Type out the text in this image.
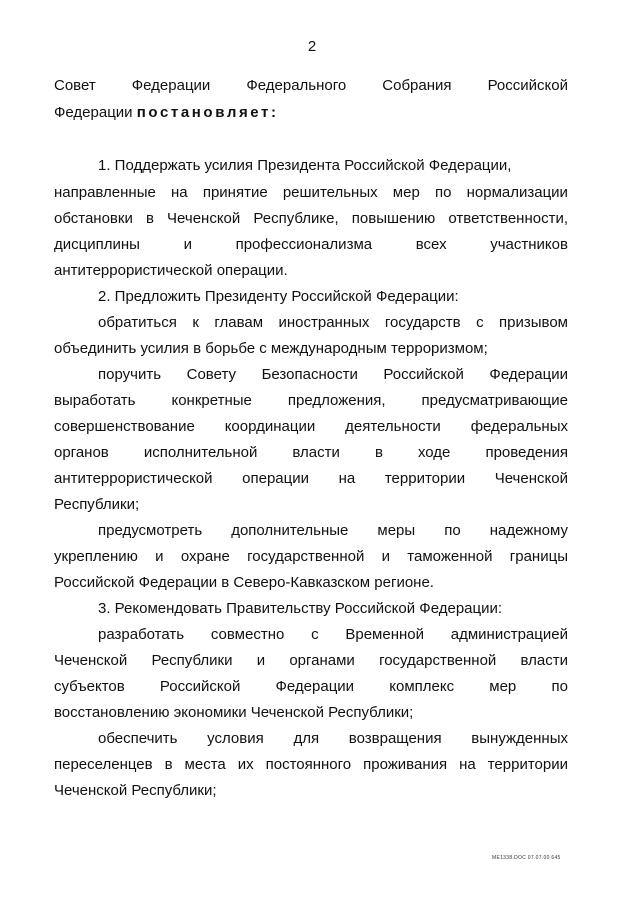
2
Совет Федерации Федерального Собрания Российской
Федерации постановляет:
1. Поддержать усилия Президента Российской Федерации,
направленные на принятие решительных мер по нормализации
обстановки в Чеченской Республике, повышению ответственности,
дисциплины	и	профессионализма	всех	участников
антитеррористической операции.
2. Предложить Президенту Российской Федерации:
обратиться к главам иностранных государств с призывом
объединить усилия в борьбе с международным терроризмом;
поручить Совету Безопасности Российской Федерации
выработать конкретные предложения, предусматривающие
совершенствование координации деятельности федеральных
органов исполнительной власти в ходе проведения
антитеррористической операции на территории Чеченской
Республики;
предусмотреть дополнительные меры по надежному
укреплению и охране государственной и таможенной границы
Российской Федерации в Северо-Кавказском регионе.
3. Рекомендовать Правительству Российской Федерации:
разработать совместно с Временной администрацией
Чеченской Республики и органами государственной власти
субъектов Российской Федерации комплекс мер по
восстановлению экономики Чеченской Республики;
обеспечить условия для возвращения вынужденных
переселенцев в места их постоянного проживания на территории
Чеченской Республики;
ME1338.DOC 07.07.00 645
